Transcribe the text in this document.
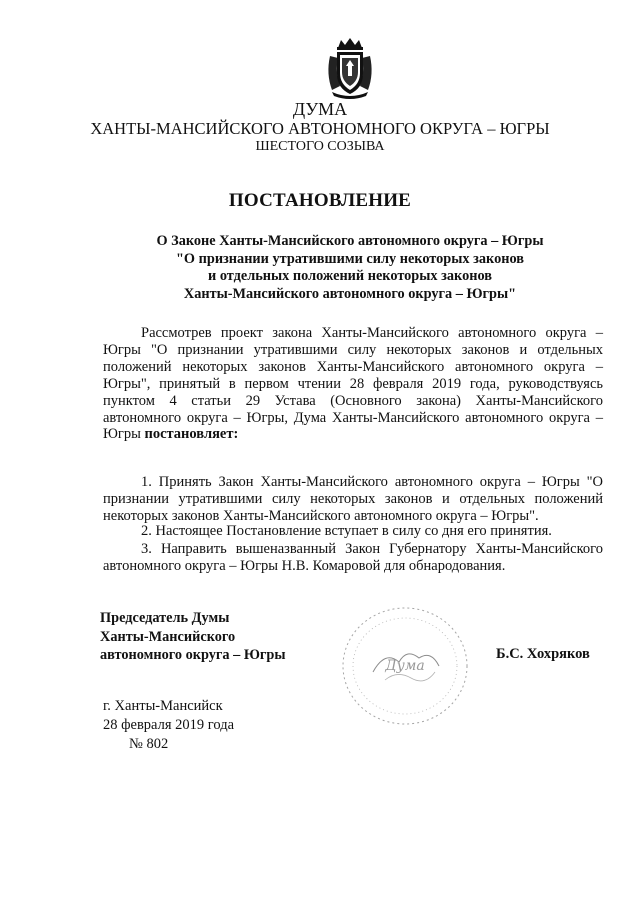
ДУМА
ХАНТЫ-МАНСИЙСКОГО АВТОНОМНОГО ОКРУГА – ЮГРЫ
ШЕСТОГО СОЗЫВА
ПОСТАНОВЛЕНИЕ
О Законе Ханты-Мансийского автономного округа – Югры
"О признании утратившими силу некоторых законов
и отдельных положений некоторых законов
Ханты-Мансийского автономного округа – Югры"

Рассмотрев проект закона Ханты-Мансийского автономного округа – Югры "О признании утратившими силу некоторых законов и отдельных положений некоторых законов Ханты-Мансийского автономного округа – Югры", принятый в первом чтении 28 февраля 2019 года, руководствуясь пунктом 4 статьи 29 Устава (Основного закона) Ханты-Мансийского автономного округа – Югры, Дума Ханты-Мансийского автономного округа – Югры постановляет:

1. Принять Закон Ханты-Мансийского автономного округа – Югры "О признании утратившими силу некоторых законов и отдельных положений некоторых законов Ханты-Мансийского автономного округа – Югры".

2. Настоящее Постановление вступает в силу со дня его принятия.

3. Направить вышеназванный Закон Губернатору Ханты-Мансийского автономного округа – Югры Н.В. Комаровой для обнародования.

Председатель Думы
Ханты-Мансийского
автономного округа – Югры
Дума
Б.С. Хохряков
г. Ханты-Мансийск
28 февраля 2019 года
№ 802
